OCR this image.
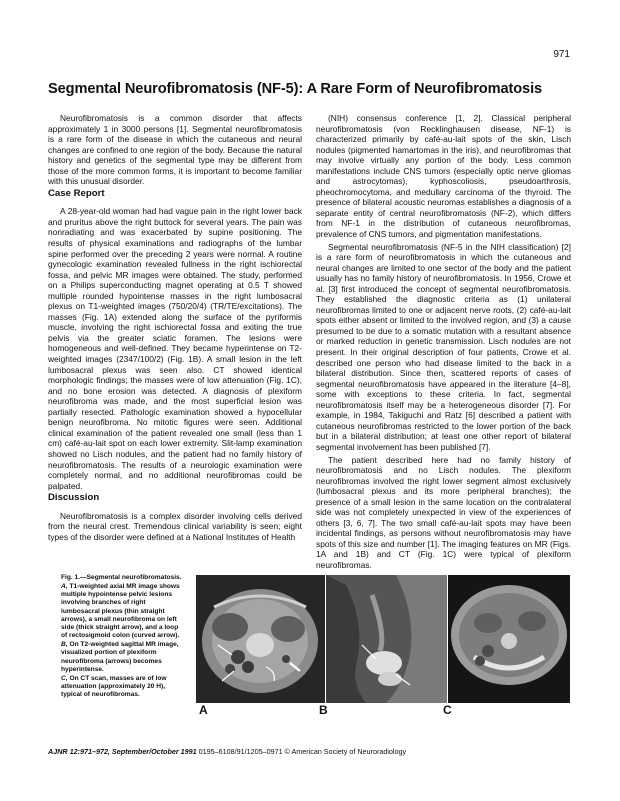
971
Segmental Neurofibromatosis (NF-5): A Rare Form of Neurofibromatosis

Neurofibromatosis is a common disorder that affects approximately 1 in 3000 persons [1]. Segmental neurofibromatosis is a rare form of the disease in which the cutaneous and neural changes are confined to one region of the body. Because the natural history and genetics of the segmental type may be different from those of the more common forms, it is important to become familiar with this unusual disorder.

Case Report

A 28-year-old woman had had vague pain in the right lower back and pruritus above the right buttock for several years. The pain was nonradiating and was exacerbated by supine positioning. The results of physical examinations and radiographs of the lumbar spine performed over the preceding 2 years were normal. A routine gynecologic examination revealed fullness in the right ischiorectal fossa, and pelvic MR images were obtained. The study, performed on a Philips superconducting magnet operating at 0.5 T showed multiple rounded hypointense masses in the right lumbosacral plexus on T1-weighted images (750/20/4) (TR/TE/excitations). The masses (Fig. 1A) extended along the surface of the pyriformis muscle, involving the right ischiorectal fossa and exiting the true pelvis via the greater sciatic foramen. The lesions were homogeneous and well-defined. They became hyperintense on T2-weighted images (2347/100/2) (Fig. 1B). A small lesion in the left lumbosacral plexus was seen also. CT showed identical morphologic findings; the masses were of low attenuation (Fig. 1C), and no bone erosion was detected. A diagnosis of plexiform neurofibroma was made, and the most superficial lesion was partially resected. Pathologic examination showed a hypocellular benign neurofibroma. No mitotic figures were seen. Additional clinical examination of the patient revealed one small (less than 1 cm) café-au-lait spot on each lower extremity. Slit-lamp examination showed no Lisch nodules, and the patient had no family history of neurofibromatosis. The results of a neurologic examination were completely normal, and no additional neurofibromas could be palpated.

Discussion

Neurofibromatosis is a complex disorder involving cells derived from the neural crest. Tremendous clinical variability is seen; eight types of the disorder were defined at a National Institutes of Health

(NIH) consensus conference [1, 2]. Classical peripheral neurofibromatosis (von Recklinghausen disease, NF-1) is characterized primarily by café-au-lait spots of the skin, Lisch nodules (pigmented hamartomas in the iris), and neurofibromas that may involve virtually any portion of the body. Less common manifestations include CNS tumors (especially optic nerve gliomas and astrocytomas), kyphoscoliosis, pseudoarthrosis, pheochromocytoma, and medullary carcinoma of the thyroid. The presence of bilateral acoustic neuromas establishes a diagnosis of a separate entity of central neurofibromatosis (NF-2), which differs from NF-1 in the distribution of cutaneous neurofibromas, prevalence of CNS tumors, and pigmentation manifestations.

Segmental neurofibromatosis (NF-5 in the NIH classification) [2] is a rare form of neurofibromatosis in which the cutaneous and neural changes are limited to one sector of the body and the patient usually has no family history of neurofibromatosis. In 1956, Crowe et al. [3] first introduced the concept of segmental neurofibromatosis. They established the diagnostic criteria as (1) unilateral neurofibromas limited to one or adjacent nerve roots, (2) café-au-lait spots either absent or limited to the involved region, and (3) a cause presumed to be due to a somatic mutation with a resultant absence or marked reduction in genetic transmission. Lisch nodules are not present. In their original description of four patients, Crowe et al. described one person who had disease limited to the back in a bilateral distribution. Since then, scattered reports of cases of segmental neurofibromatosis have appeared in the literature [4–8], some with exceptions to these criteria. In fact, segmental neurofibromatosis itself may be a heterogeneous disorder [7]. For example, in 1984, Takiguchi and Ratz [6] described a patient with cutaneous neurofibromas restricted to the lower portion of the back but in a bilateral distribution; at least one other report of bilateral segmental involvement has been published [7].

The patient described here had no family history of neurofibromatosis and no Lisch nodules. The plexiform neurofibromas involved the right lower segment almost exclusively (lumbosacral plexus and its more peripheral branches); the presence of a small lesion in the same location on the contralateral side was not completely unexpected in view of the experiences of others [3, 6, 7]. The two small café-au-lait spots may have been incidental findings, as persons without neurofibromatosis may have spots of this size and number [1]. The imaging features on MR (Figs. 1A and 1B) and CT (Fig. 1C) were typical of plexiform neurofibromas.

Fig. 1.—Segmental neurofibromatosis.

A, T1-weighted axial MR image shows multiple hypointense pelvic lesions involving branches of right lumbosacral plexus (thin straight arrows), a small neurofibroma on left side (thick straight arrow), and a loop of rectosigmoid colon (curved arrow).

B, On T2-weighted sagittal MR image, visualized portion of plexiform neurofibroma (arrows) becomes hyperintense.

C, On CT scan, masses are of low attenuation (approximately 20 H), typical of neurofibromas.

A	B	C
AJNR 12:971–972, September/October 1991 0195–6108/91/1205–0971 © American Society of Neuroradiology
